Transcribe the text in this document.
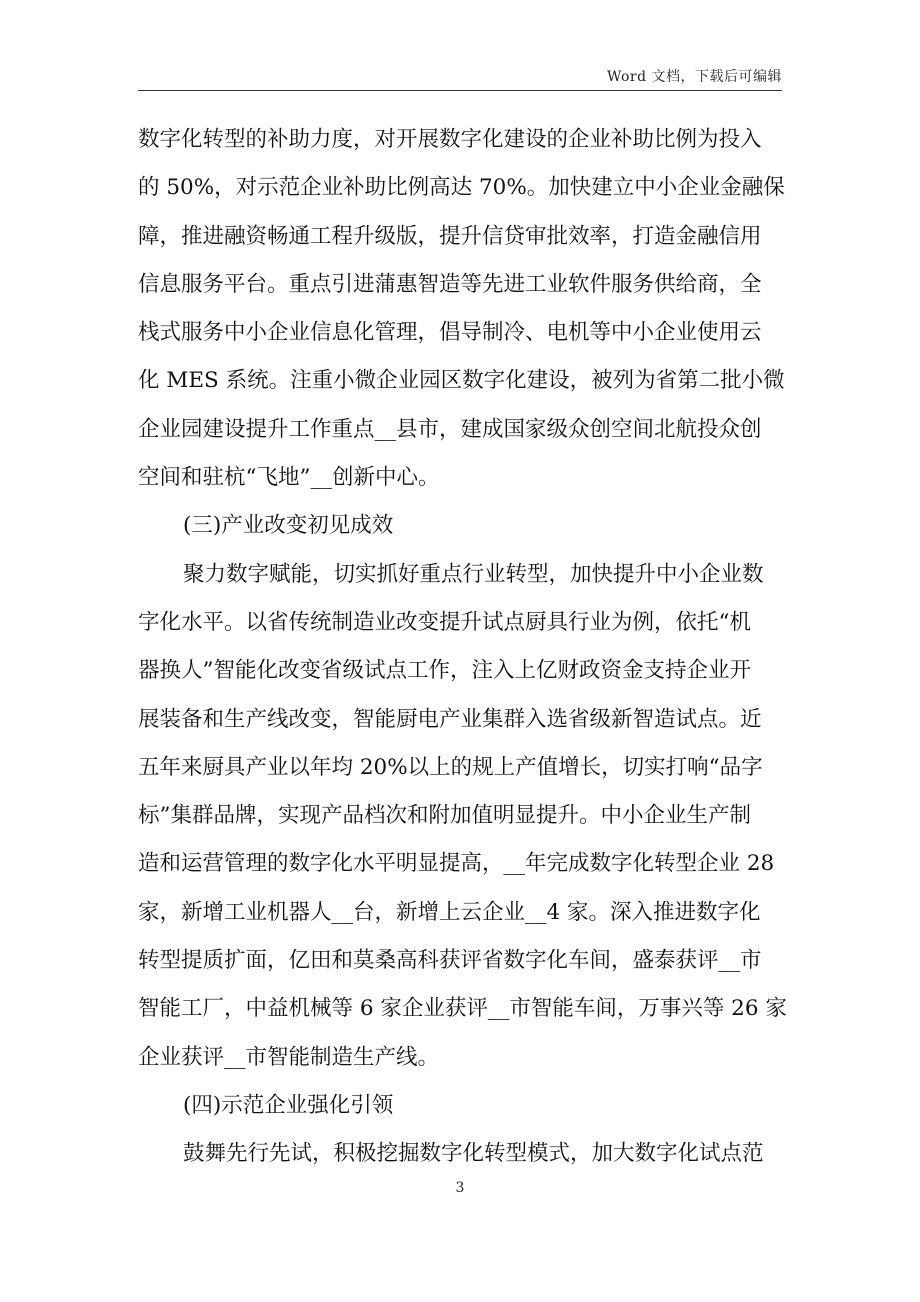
Word 文档，下载后可编辑
数字化转型的补助力度，对开展数字化建设的企业补助比例为投入
的 50%，对示范企业补助比例高达 70%。加快建立中小企业金融保
障，推进融资畅通工程升级版，提升信贷审批效率，打造金融信用
信息服务平台。重点引进蒲惠智造等先进工业软件服务供给商，全
栈式服务中小企业信息化管理，倡导制冷、电机等中小企业使用云
化 MES 系统。注重小微企业园区数字化建设，被列为省第二批小微
企业园建设提升工作重点__县市，建成国家级众创空间北航投众创
空间和驻杭“飞地”__创新中心。
(三)产业改变初见成效
聚力数字赋能，切实抓好重点行业转型，加快提升中小企业数
字化水平。以省传统制造业改变提升试点厨具行业为例，依托“机
器换人”智能化改变省级试点工作，注入上亿财政资金支持企业开
展装备和生产线改变，智能厨电产业集群入选省级新智造试点。近
五年来厨具产业以年均 20%以上的规上产值增长，切实打响“品字
标”集群品牌，实现产品档次和附加值明显提升。中小企业生产制
造和运营管理的数字化水平明显提高，__年完成数字化转型企业 28
家，新增工业机器人__台，新增上云企业__4 家。深入推进数字化
转型提质扩面，亿田和莫桑高科获评省数字化车间，盛泰获评__市
智能工厂，中益机械等 6 家企业获评__市智能车间，万事兴等 26 家
企业获评__市智能制造生产线。
(四)示范企业强化引领
鼓舞先行先试，积极挖掘数字化转型模式，加大数字化试点范
3
